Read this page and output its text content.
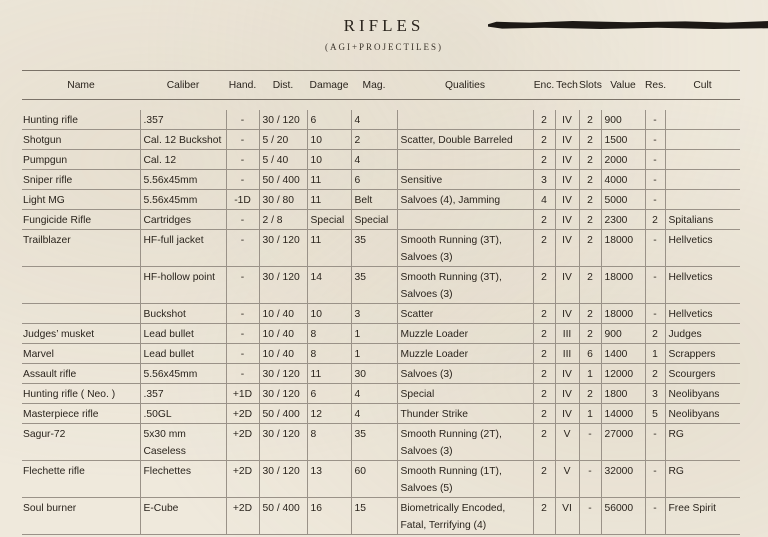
RIFLES
(AGI+PROJECTILES)
Name	Caliber	Hand.	Dist.	Damage	Mag.	Qualities	Enc.	Tech	Slots	Value	Res.	Cult

Hunting rifle	.357	-	30 / 120	6	4		2	IV	2	900	-	
Shotgun	Cal. 12 Buckshot	-	5 / 20	10	2	Scatter, Double Barreled	2	IV	2	1500	-	
Pumpgun	Cal. 12	-	5 / 40	10	4		2	IV	2	2000	-	
Sniper rifle	5.56x45mm	-	50 / 400	11	6	Sensitive	3	IV	2	4000	-	
Light MG	5.56x45mm	-1D	30 / 80	11	Belt	Salvoes (4), Jamming	4	IV	2	5000	-	
Fungicide Rifle	Cartridges	-	2 / 8	Special	Special		2	IV	2	2300	2	Spitalians
Trailblazer	HF-full jacket	-	30 / 120	11	35	Smooth Running (3T), Salvoes (3)	2	IV	2	18000	-	Hellvetics
	HF-hollow point	-	30 / 120	14	35	Smooth Running (3T), Salvoes (3)	2	IV	2	18000	-	Hellvetics
	Buckshot	-	10 / 40	10	3	Scatter	2	IV	2	18000	-	Hellvetics
Judges’ musket	Lead bullet	-	10 / 40	8	1	Muzzle Loader	2	III	2	900	2	Judges
Marvel	Lead bullet	-	10 / 40	8	1	Muzzle Loader	2	III	6	1400	1	Scrappers
Assault rifle	5.56x45mm	-	30 / 120	11	30	Salvoes (3)	2	IV	1	12000	2	Scourgers
Hunting rifle ( Neo. )	.357	+1D	30 / 120	6	4	Special	2	IV	2	1800	3	Neolibyans
Masterpiece rifle	.50GL	+2D	50 / 400	12	4	Thunder Strike	2	IV	1	14000	5	Neolibyans
Sagur-72	5x30 mm Caseless	+2D	30 / 120	8	35	Smooth Running (2T), Salvoes (3)	2	V	-	27000	-	RG
Flechette rifle	Flechettes	+2D	30 / 120	13	60	Smooth Running (1T), Salvoes (5)	2	V	-	32000	-	RG
Soul burner	E-Cube	+2D	50 / 400	16	15	Biometrically Encoded, Fatal, Terrifying (4)	2	VI	-	56000	-	Free Spirit
